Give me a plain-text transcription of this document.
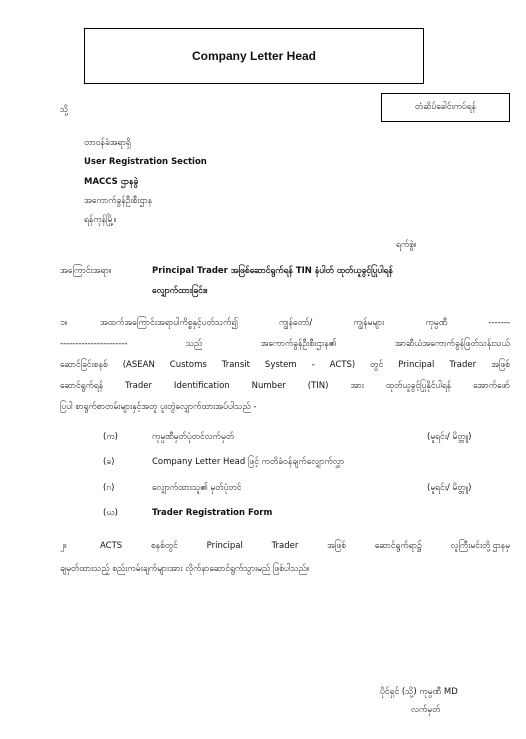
Company Letter Head
သို့	တံဆိပ်ခေါင်းကပ်ရန်
တာဝန်ခံအရာရှိ
User Registration Section
MACCS ဌာနခွဲ
အကောက်ခွန်ဦးစီးဌာန
ရန်ကုန်မြို့။
ရက်စွဲ။
အကြောင်းအရာ။	Principal Trader အဖြစ်ဆောင်ရွက်ရန် TIN နံပါတ် ထုတ်ယူခွင့်ပြုပါရန်
လျှောက်ထားခြင်း။
၁။	အထက်အကြောင်းအရာပါကိစ္စနှင့်ပတ်သက်၍ ကျွန်တော်/ ကျွန်မများ ကုမ္ပဏီ -------
---------------------- သည် အကောက်ခွန်ဦးစီးဌာန၏ အာဆီယံအကောက်ခွန်ဖြတ်သန်းသယ်
ဆောင်ခြင်းစနစ် (ASEAN Customs Transit System - ACTS) တွင် Principal Trader အဖြစ်
ဆောင်ရွက်ရန် Trader Identification Number (TIN) အား ထုတ်ယူခွင့်ပြုနိုင်ပါရန် အောက်ဖော်
ပြပါ စာရွက်စာတမ်းများနှင့်အတူ ပူးတွဲလျှောက်ထားအပ်ပါသည် -
(က)	ကုမ္ပဏီမှတ်ပုံတင်လက်မှတ်	(မူရင်း/ မိတ္တူ)
(ခ)	Company Letter Head ဖြင့် ကတိခံဝန်ချက်လျှောက်လွှာ
(ဂ)	လျှောက်ထားသူ၏ မှတ်ပုံတင်	(မူရင်း/ မိတ္တူ)
(ဃ)	Trader Registration Form
၂။	ACTS စနစ်တွင် Principal Trader အဖြစ် ဆောင်ရွက်ရာ၌ လူကြီးမင်းတို့ဌာနမှ
ချမှတ်ထားသည့် စည်းကမ်းချက်များအား လိုက်နာဆောင်ရွက်သွားမည် ဖြစ်ပါသည်။
ပိုင်ရှင် (သို့) ကုမ္ပဏီ MD
လက်မှတ်
